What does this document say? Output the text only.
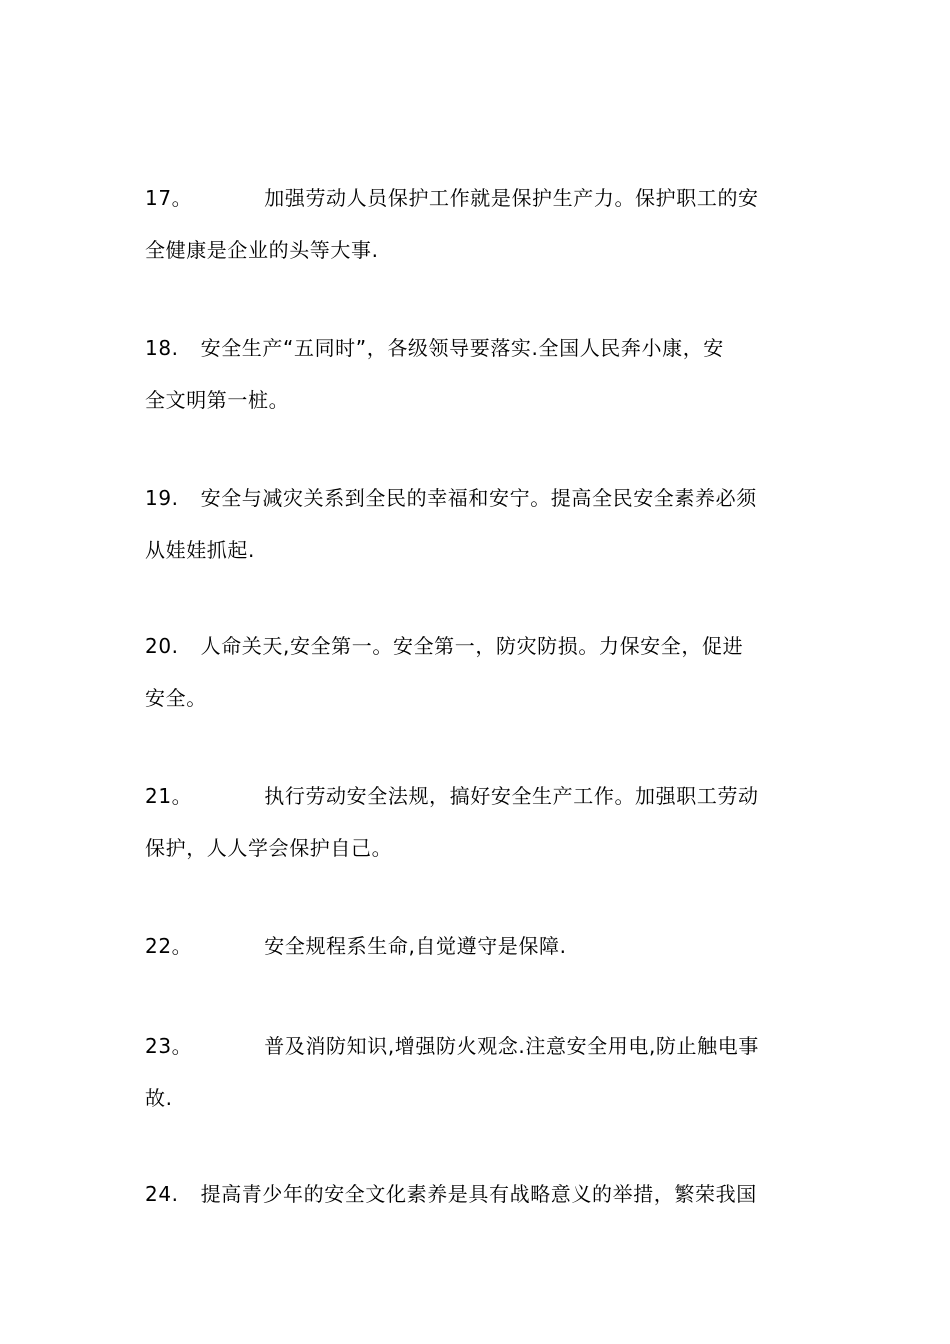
17。	加强劳动人员保护工作就是保护生产力。保护职工的安
全健康是企业的头等大事.
18. 安全生产“五同时”，各级领导要落实.全国人民奔小康，安
全文明第一桩。
19. 安全与减灾关系到全民的幸福和安宁。提高全民安全素养必须
从娃娃抓起.
20. 人命关天,安全第一。安全第一，防灾防损。力保安全，促进
安全。
21。	执行劳动安全法规，搞好安全生产工作。加强职工劳动
保护，人人学会保护自己。
22。	安全规程系生命,自觉遵守是保障.
23。	普及消防知识,增强防火观念.注意安全用电,防止触电事
故.
24. 提高青少年的安全文化素养是具有战略意义的举措，繁荣我国
